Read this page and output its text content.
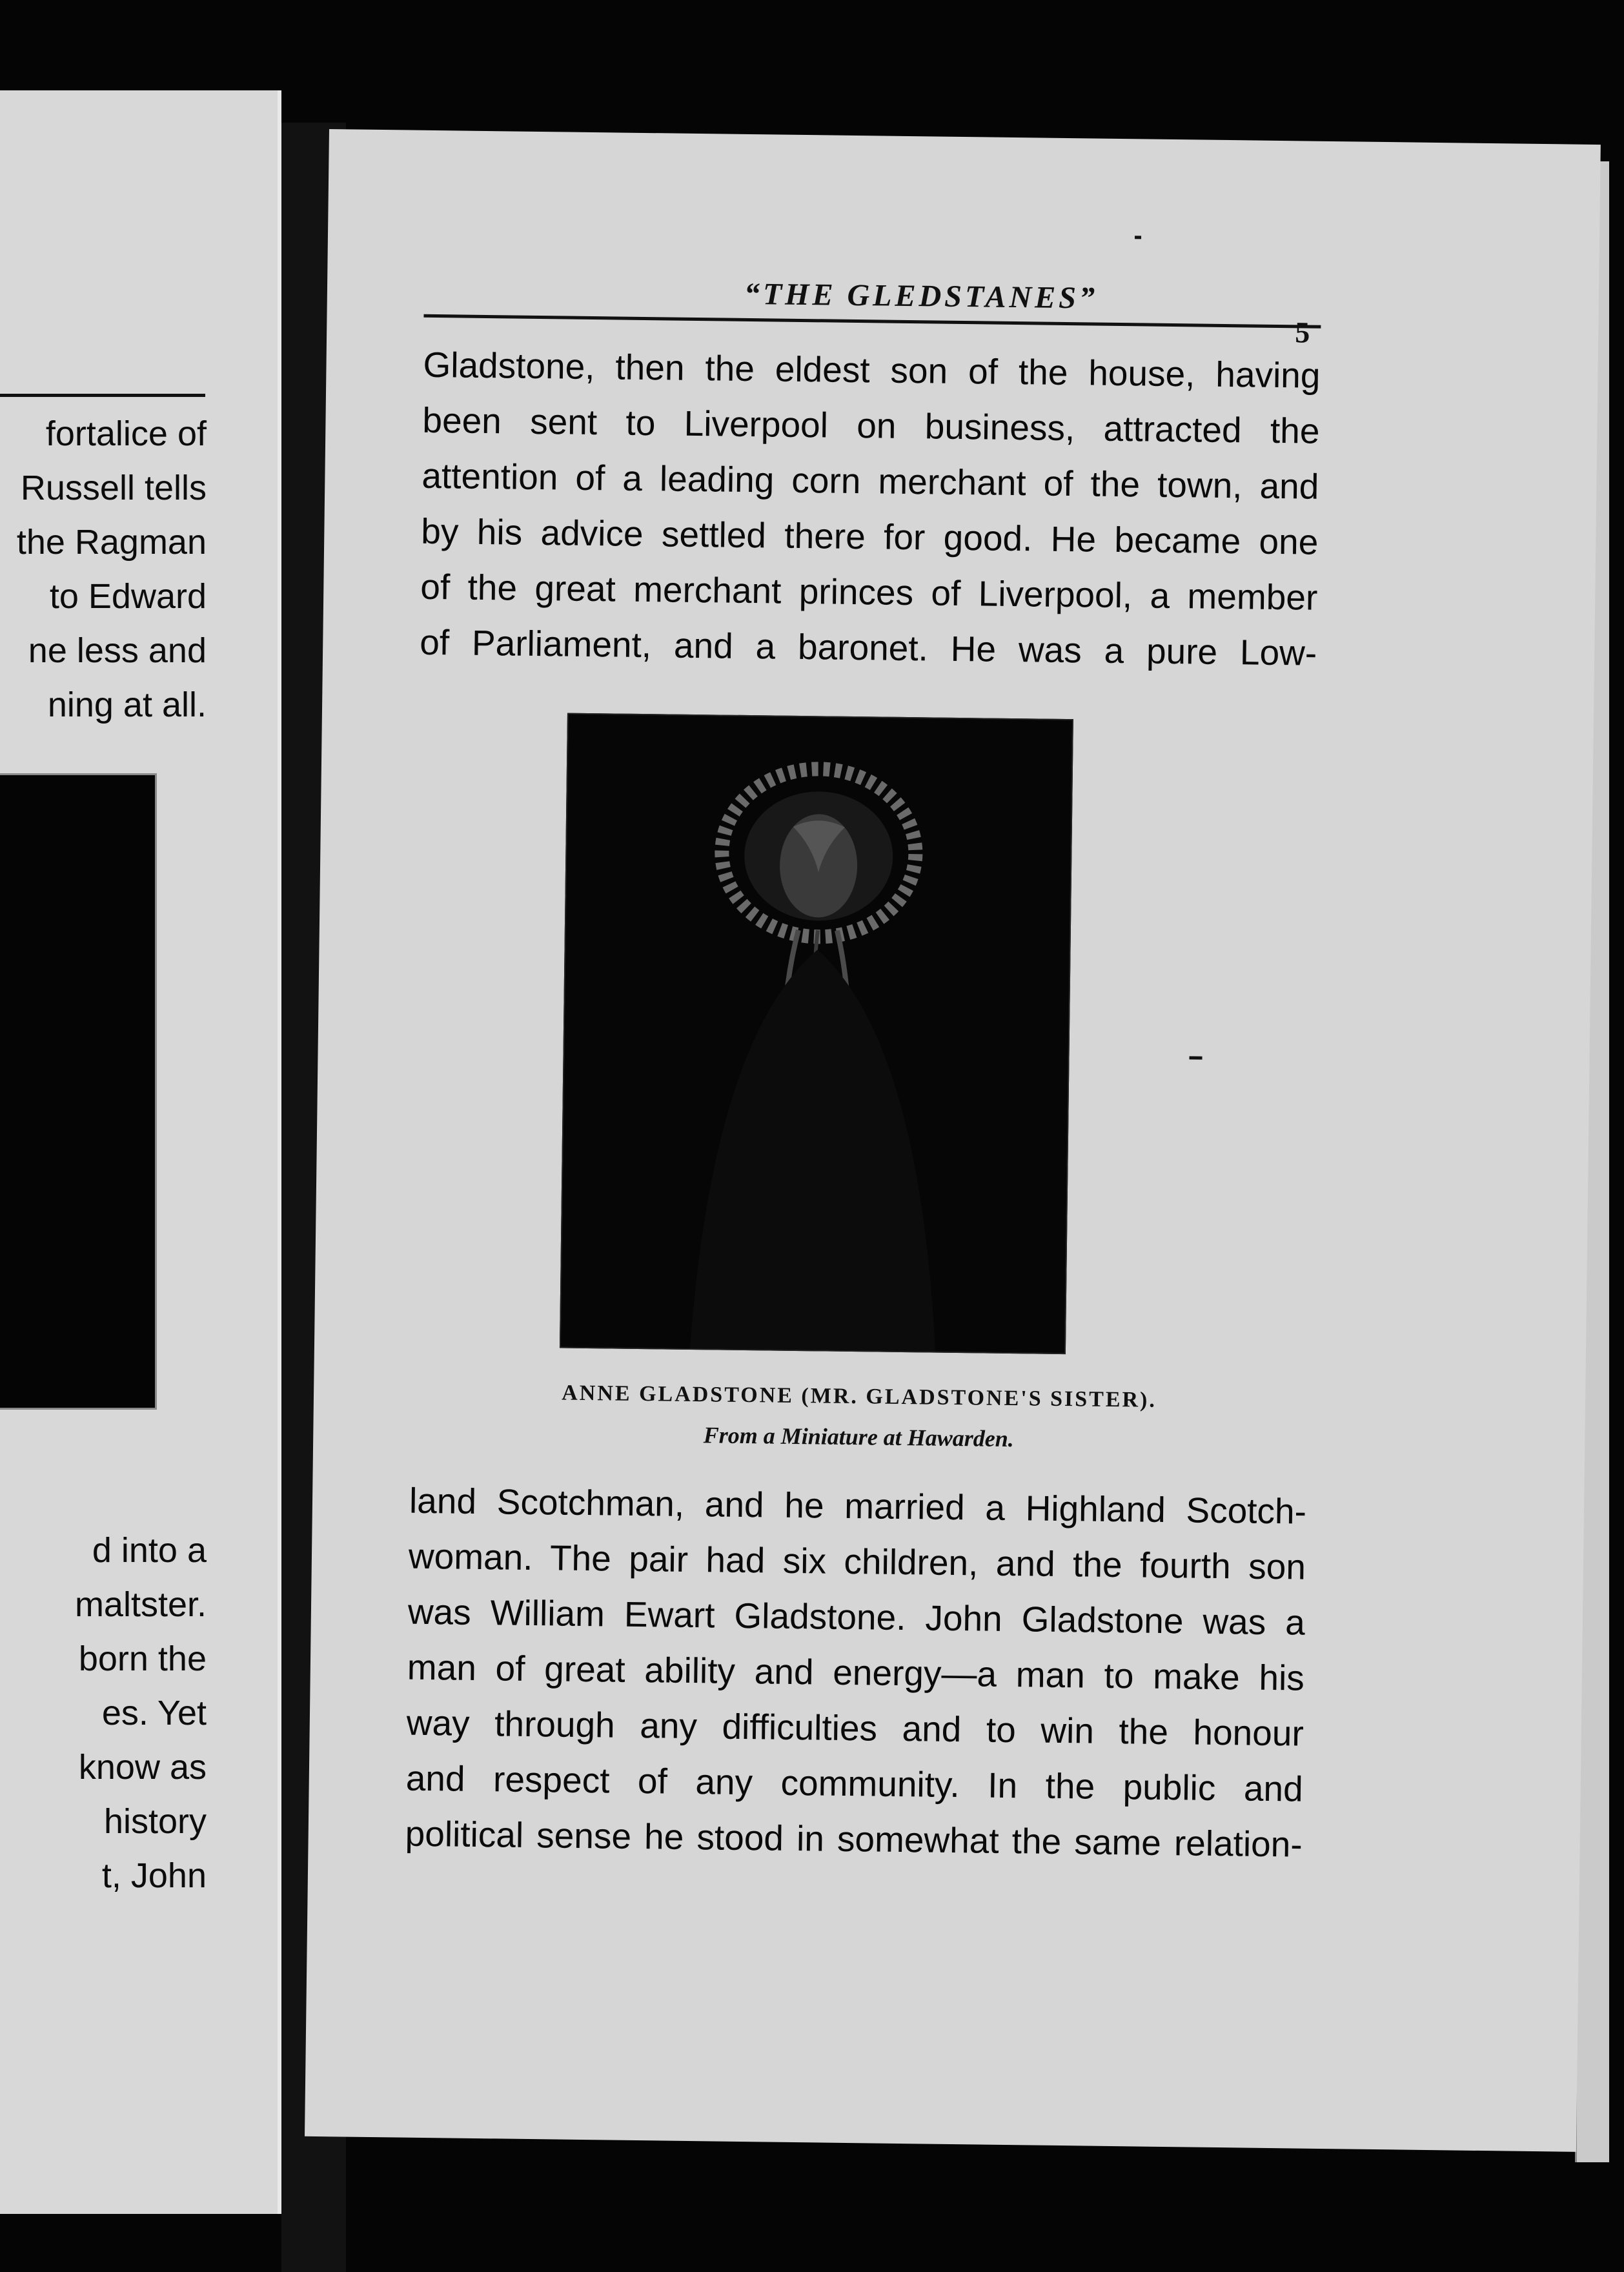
fortalice of
Russell tells
the Ragman
to Edward
ne less and
ning at all.
d into a
maltster.
born the
es. Yet
know as
history
t, John
“THE GLEDSTANES”
5
Gladstone, then the eldest son of the house, having
been sent to Liverpool on business, attracted the
attention of a leading corn merchant of the town, and
by his advice settled there for good. He became one
of the great merchant princes of Liverpool, a member
of Parliament, and a baronet. He was a pure Low-
ANNE GLADSTONE (MR. GLADSTONE'S SISTER).
From a Miniature at Hawarden.
land Scotchman, and he married a Highland Scotch-
woman. The pair had six children, and the fourth son
was William Ewart Gladstone. John Gladstone was a
man of great ability and energy—a man to make his
way through any difficulties and to win the honour
and respect of any community. In the public and
political sense he stood in somewhat the same relation-
